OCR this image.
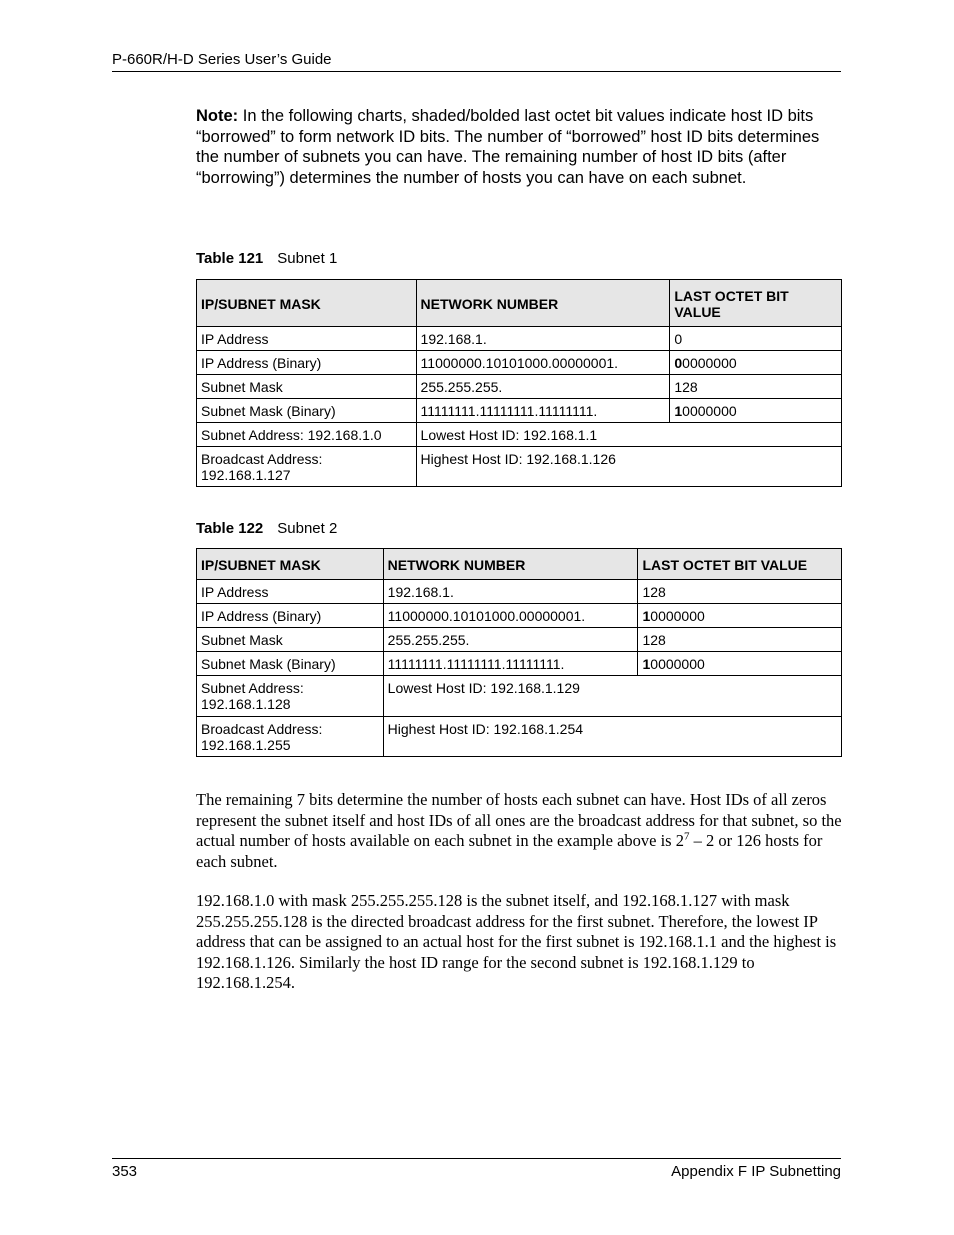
P-660R/H-D Series User’s Guide
Note: In the following charts, shaded/bolded last octet bit values indicate host ID bits “borrowed” to form network ID bits. The number of “borrowed” host ID bits determines the number of subnets you can have. The remaining number of host ID bits (after “borrowing”) determines the number of hosts you can have on each subnet.
Table 121 Subnet 1
IP/SUBNET MASK	NETWORK NUMBER	LAST OCTET BIT VALUE
IP Address	192.168.1.	0
IP Address (Binary)	11000000.10101000.00000001.	00000000
Subnet Mask	255.255.255.	128
Subnet Mask (Binary)	11111111.11111111.11111111.	10000000
Subnet Address: 192.168.1.0	Lowest Host ID: 192.168.1.1	
Broadcast Address: 192.168.1.127	Highest Host ID: 192.168.1.126	
Table 122 Subnet 2
IP/SUBNET MASK	NETWORK NUMBER	LAST OCTET BIT VALUE
IP Address	192.168.1.	128
IP Address (Binary)	11000000.10101000.00000001.	10000000
Subnet Mask	255.255.255.	128
Subnet Mask (Binary)	11111111.11111111.11111111.	10000000
Subnet Address: 192.168.1.128	Lowest Host ID: 192.168.1.129	
Broadcast Address: 192.168.1.255	Highest Host ID: 192.168.1.254	
The remaining 7 bits determine the number of hosts each subnet can have. Host IDs of all zeros represent the subnet itself and host IDs of all ones are the broadcast address for that subnet, so the actual number of hosts available on each subnet in the example above is $2^7 - 2$ or 126 hosts for each subnet.
192.168.1.0 with mask 255.255.255.128 is the subnet itself, and 192.168.1.127 with mask 255.255.255.128 is the directed broadcast address for the first subnet. Therefore, the lowest IP address that can be assigned to an actual host for the first subnet is 192.168.1.1 and the highest is 192.168.1.126. Similarly the host ID range for the second subnet is 192.168.1.129 to 192.168.1.254.
353	Appendix F IP Subnetting
